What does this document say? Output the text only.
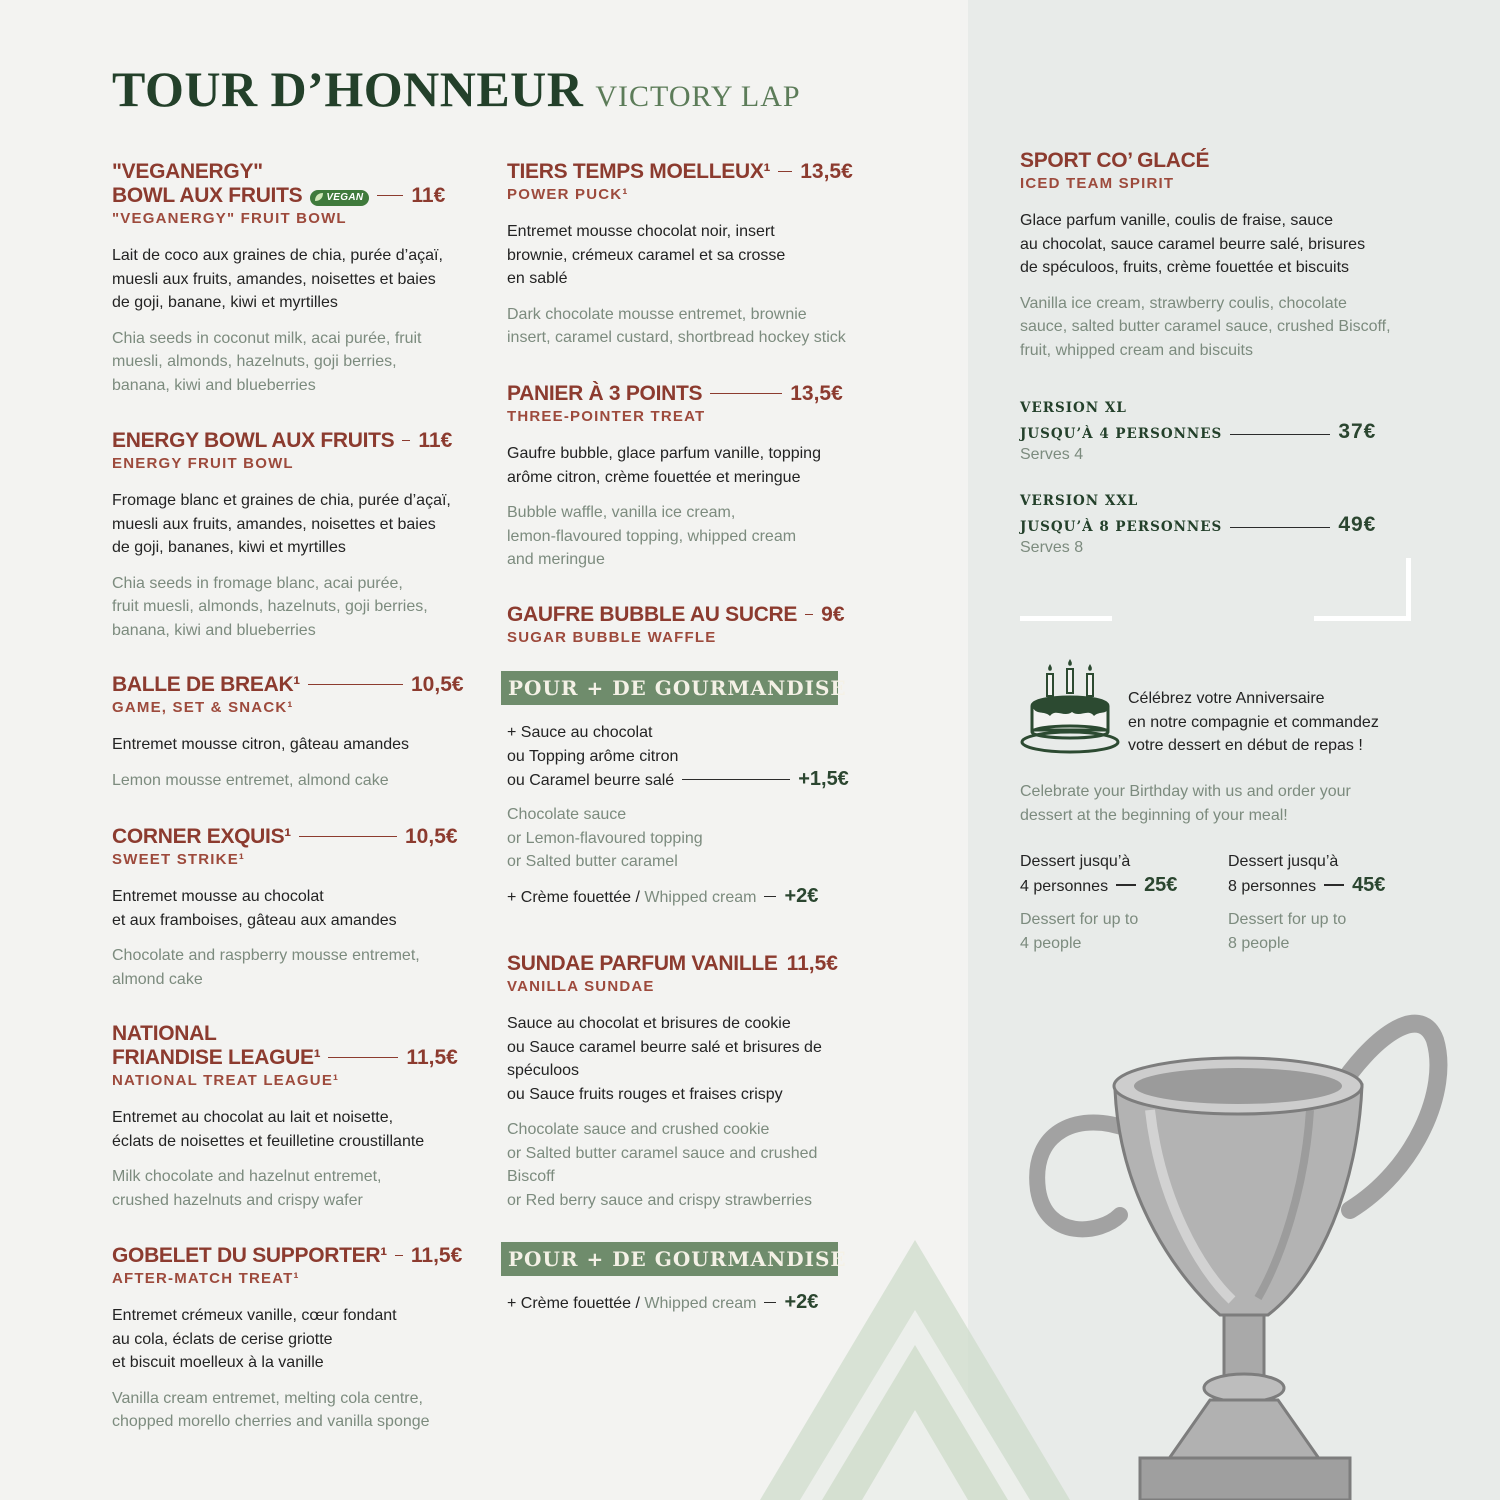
TOUR D’HONNEUR VICTORY LAP
"VEGANERGY"
BOWL AUX FRUITS VEGAN 11€
"VEGANERGY" FRUIT BOWL
Lait de coco aux graines de chia, purée d’açaï,
muesli aux fruits, amandes, noisettes et baies
de goji, banane, kiwi et myrtilles
Chia seeds in coconut milk, acai purée, fruit
muesli, almonds, hazelnuts, goji berries,
banana, kiwi and blueberries
ENERGY BOWL AUX FRUITS 11€
ENERGY FRUIT BOWL
Fromage blanc et graines de chia, purée d’açaï,
muesli aux fruits, amandes, noisettes et baies
de goji, bananes, kiwi et myrtilles
Chia seeds in fromage blanc, acai purée,
fruit muesli, almonds, hazelnuts, goji berries,
banana, kiwi and blueberries
BALLE DE BREAK¹	10,5€
GAME, SET & SNACK¹
Entremet mousse citron, gâteau amandes
Lemon mousse entremet, almond cake
CORNER EXQUIS¹	10,5€
SWEET STRIKE¹
Entremet mousse au chocolat
et aux framboises, gâteau aux amandes
Chocolate and raspberry mousse entremet,
almond cake
NATIONAL
FRIANDISE LEAGUE¹	11,5€
NATIONAL TREAT LEAGUE¹
Entremet au chocolat au lait et noisette,
éclats de noisettes et feuilletine croustillante
Milk chocolate and hazelnut entremet,
crushed hazelnuts and crispy wafer
GOBELET DU SUPPORTER¹ 11,5€
AFTER-MATCH TREAT¹
Entremet crémeux vanille, cœur fondant
au cola, éclats de cerise griotte
et biscuit moelleux à la vanille
Vanilla cream entremet, melting cola centre,
chopped morello cherries and vanilla sponge
TIERS TEMPS MOELLEUX¹ 13,5€
POWER PUCK¹
Entremet mousse chocolat noir, insert
brownie, crémeux caramel et sa crosse
en sablé
Dark chocolate mousse entremet, brownie
insert, caramel custard, shortbread hockey stick
PANIER À 3 POINTS	13,5€
THREE-POINTER TREAT
Gaufre bubble, glace parfum vanille, topping
arôme citron, crème fouettée et meringue
Bubble waffle, vanilla ice cream,
lemon-flavoured topping, whipped cream
and meringue
GAUFRE BUBBLE AU SUCRE 9€
SUGAR BUBBLE WAFFLE
POUR + DE GOURMANDISE
+ Sauce au chocolat
ou Topping arôme citron
ou Caramel beurre salé	+1,5€
Chocolate sauce
or Lemon-flavoured topping
or Salted butter caramel
+ Crème fouettée / Whipped cream +2€
SUNDAE PARFUM VANILLE 11,5€
VANILLA SUNDAE
Sauce au chocolat et brisures de cookie
ou Sauce caramel beurre salé et brisures de
spéculoos
ou Sauce fruits rouges et fraises crispy
Chocolate sauce and crushed cookie
or Salted butter caramel sauce and crushed
Biscoff
or Red berry sauce and crispy strawberries
POUR + DE GOURMANDISE
+ Crème fouettée / Whipped cream +2€
SPORT CO’ GLACÉ
ICED TEAM SPIRIT
Glace parfum vanille, coulis de fraise, sauce
au chocolat, sauce caramel beurre salé, brisures
de spéculoos, fruits, crème fouettée et biscuits
Vanilla ice cream, strawberry coulis, chocolate
sauce, salted butter caramel sauce, crushed Biscoff,
fruit, whipped cream and biscuits
VERSION XL
JUSQU’À 4 PERSONNES	37€
Serves 4
VERSION XXL
JUSQU’À 8 PERSONNES	49€
Serves 8
Célébrez votre Anniversaire
en notre compagnie et commandez
votre dessert en début de repas !
Celebrate your Birthday with us and order your
dessert at the beginning of your meal!
Dessert jusqu’à
4 personnes 25€
Dessert for up to
4 people
Dessert jusqu’à
8 personnes 45€
Dessert for up to
8 people
